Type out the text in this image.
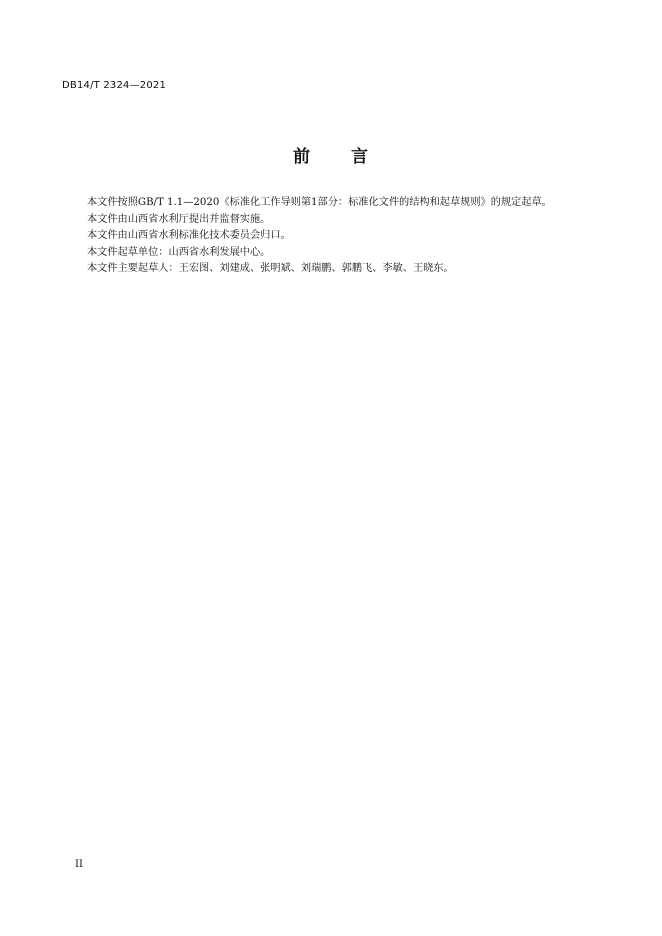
DB14/T 2324—2021
前 言

本文件按照GB/T 1.1—2020《标准化工作导则第1部分：标准化文件的结构和起草规则》的规定起草。

本文件由山西省水利厅提出并监督实施。

本文件由山西省水利标准化技术委员会归口。

本文件起草单位：山西省水利发展中心。

本文件主要起草人：王宏图、刘建成、张明斌、刘瑞鹏、郭鹏飞、李敏、王晓东。

II
